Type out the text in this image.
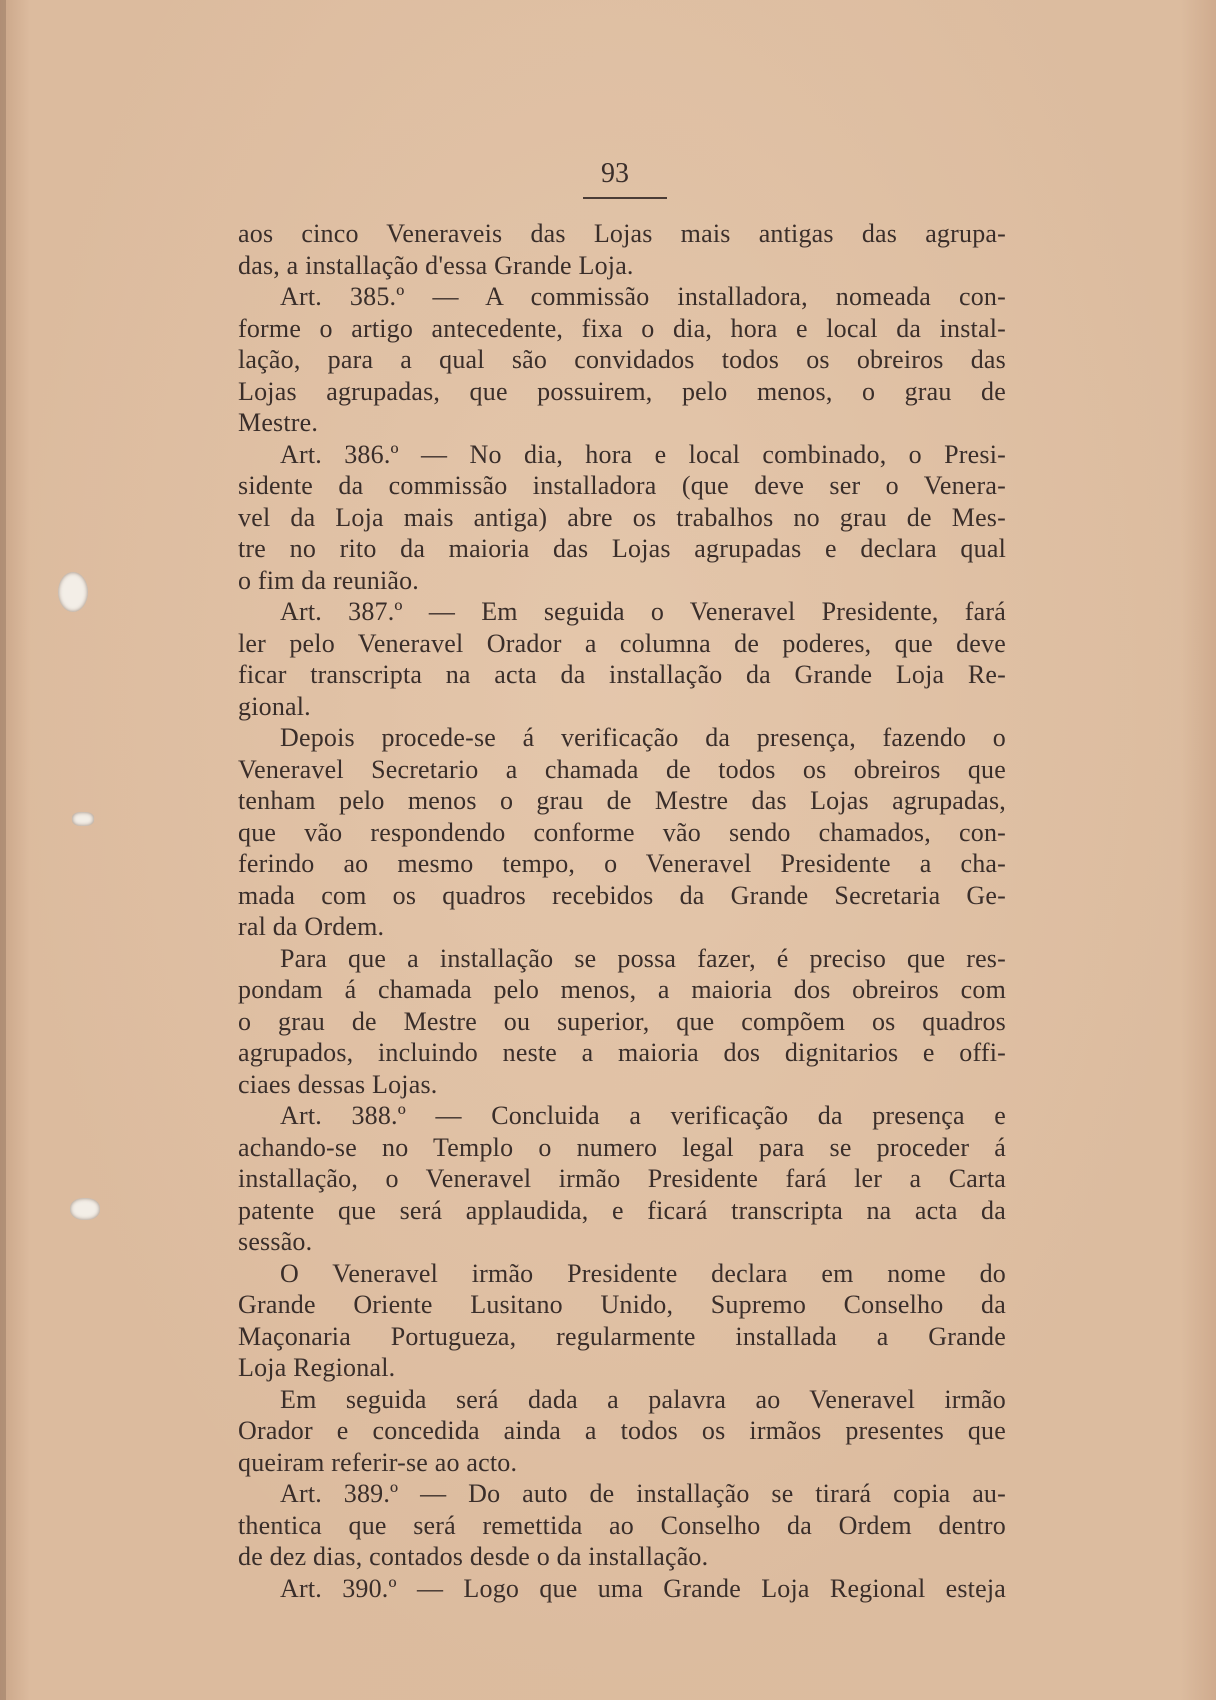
93
aos cinco Veneraveis das Lojas mais antigas das agrupa-
das, a installação d'essa Grande Loja.
Art. 385.º — A commissão installadora, nomeada con-
forme o artigo antecedente, fixa o dia, hora e local da instal-
lação, para a qual são convidados todos os obreiros das
Lojas agrupadas, que possuirem, pelo menos, o grau de
Mestre.
Art. 386.º — No dia, hora e local combinado, o Presi-
sidente da commissão installadora (que deve ser o Venera-
vel da Loja mais antiga) abre os trabalhos no grau de Mes-
tre no rito da maioria das Lojas agrupadas e declara qual
o fim da reunião.
Art. 387.º — Em seguida o Veneravel Presidente, fará
ler pelo Veneravel Orador a columna de poderes, que deve
ficar transcripta na acta da installação da Grande Loja Re-
gional.
Depois procede-se á verificação da presença, fazendo o
Veneravel Secretario a chamada de todos os obreiros que
tenham pelo menos o grau de Mestre das Lojas agrupadas,
que vão respondendo conforme vão sendo chamados, con-
ferindo ao mesmo tempo, o Veneravel Presidente a cha-
mada com os quadros recebidos da Grande Secretaria Ge-
ral da Ordem.
Para que a installação se possa fazer, é preciso que res-
pondam á chamada pelo menos, a maioria dos obreiros com
o grau de Mestre ou superior, que compõem os quadros
agrupados, incluindo neste a maioria dos dignitarios e offi-
ciaes dessas Lojas.
Art. 388.º — Concluida a verificação da presença e
achando-se no Templo o numero legal para se proceder á
installação, o Veneravel irmão Presidente fará ler a Carta
patente que será applaudida, e ficará transcripta na acta da
sessão.
O Veneravel irmão Presidente declara em nome do
Grande Oriente Lusitano Unido, Supremo Conselho da
Maçonaria Portugueza, regularmente installada a Grande
Loja Regional.
Em seguida será dada a palavra ao Veneravel irmão
Orador e concedida ainda a todos os irmãos presentes que
queiram referir-se ao acto.
Art. 389.º — Do auto de installação se tirará copia au-
thentica que será remettida ao Conselho da Ordem dentro
de dez dias, contados desde o da installação.
Art. 390.º — Logo que uma Grande Loja Regional esteja
